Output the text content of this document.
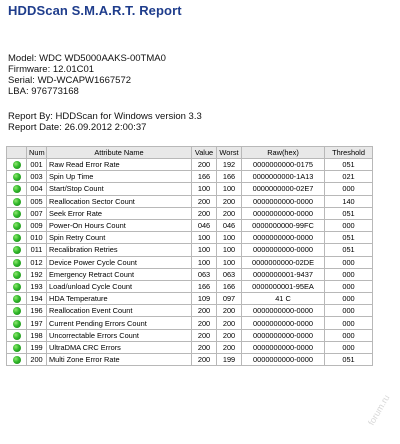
HDDScan S.M.A.R.T. Report
Model: WDC WD5000AAKS-00TMA0
Firmware: 12.01C01
Serial: WD-WCAPW1667572
LBA: 976773168
Report By: HDDScan for Windows version 3.3
Report Date: 26.09.2012 2:00:37
	Num	Attribute Name	Value	Worst	Raw(hex)	Threshold
	001	Raw Read Error Rate	200	192	0000000000-0175	051
	003	Spin Up Time	166	166	0000000000-1A13	021
	004	Start/Stop Count	100	100	0000000000-02E7	000
	005	Reallocation Sector Count	200	200	0000000000-0000	140
	007	Seek Error Rate	200	200	0000000000-0000	051
	009	Power-On Hours Count	046	046	0000000000-99FC	000
	010	Spin Retry Count	100	100	0000000000-0000	051
	011	Recalibration Retries	100	100	0000000000-0000	051
	012	Device Power Cycle Count	100	100	0000000000-02DE	000
	192	Emergency Retract Count	063	063	0000000001-9437	000
	193	Load/unload Cycle Count	166	166	0000000001-95EA	000
	194	HDA Temperature	109	097	41 C	000
	196	Reallocation Event Count	200	200	0000000000-0000	000
	197	Current Pending Errors Count	200	200	0000000000-0000	000
	198	Uncorrectable Errors Count	200	200	0000000000-0000	000
	199	UltraDMA CRC Errors	200	200	0000000000-0000	000
	200	Multi Zone Error Rate	200	199	0000000000-0000	051
forum.ru
